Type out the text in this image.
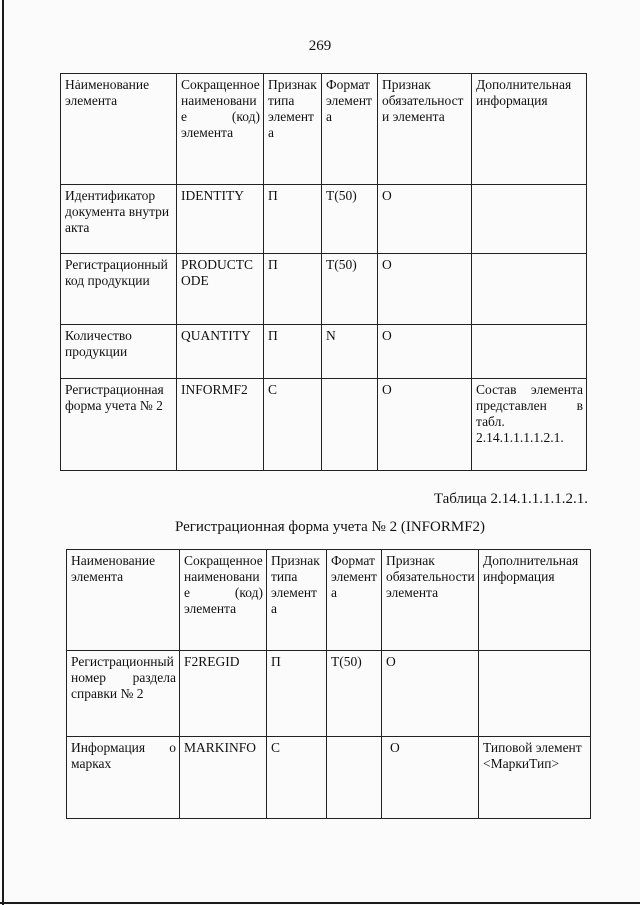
269
Наименование элемента	Сокращенное наименование (код) элемента	Признак типа элемента	Формат элемента	Признак обязательности элемента	Дополнительная информация
Идентификатор документа внутри акта	IDENTITY	П	T(50)	О	
Регистрационный код продукции	PRODUCTCODE	П	T(50)	О	
Количество продукции	QUANTITY	П	N	О	
Регистрационная форма учета № 2	INFORMF2	С		О	Состав элемента представлен в табл. 2.14.1.1.1.1.2.1.
Таблица 2.14.1.1.1.1.2.1.
Регистрационная форма учета № 2 (INFORMF2)
Наименование элемента	Сокращенное наименование (код) элемента	Признак типа элемента	Формат элемента	Признак обязательности элемента	Дополнительная информация
Регистрационный номер раздела справки № 2	F2REGID	П	T(50)	О	
Информация о марках	MARKINFO	С		О	Типовой элемент <МаркиТип>
